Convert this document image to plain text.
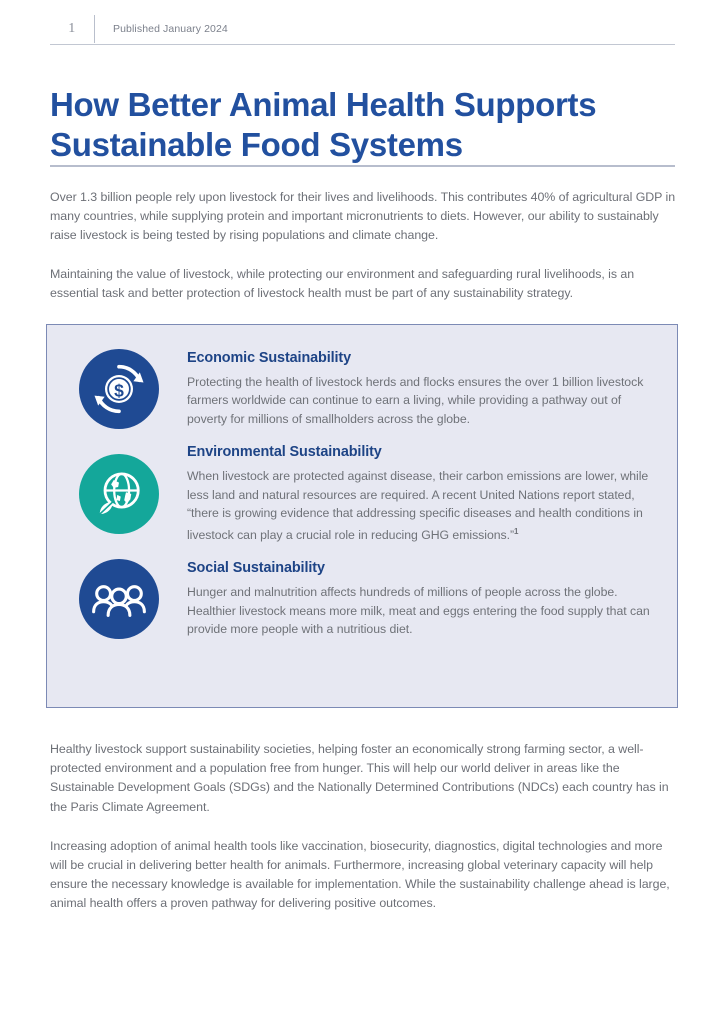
1	Published January 2024
How Better Animal Health Supports Sustainable Food Systems

Over 1.3 billion people rely upon livestock for their lives and livelihoods. This contributes 40% of agricultural GDP in many countries, while supplying protein and important micronutrients to diets. However, our ability to sustainably raise livestock is being tested by rising populations and climate change.

Maintaining the value of livestock, while protecting our environment and safeguarding rural livelihoods, is an essential task and better protection of livestock health must be part of any sustainability strategy.

$
Economic Sustainability

Protecting the health of livestock herds and flocks ensures the over 1 billion livestock farmers worldwide can continue to earn a living, while providing a pathway out of poverty for millions of smallholders across the globe.

Environmental Sustainability

When livestock are protected against disease, their carbon emissions are lower, while less land and natural resources are required. A recent United Nations report stated, “there is growing evidence that addressing specific diseases and health conditions in livestock can play a crucial role in reducing GHG emissions.”$^1$

Social Sustainability

Hunger and malnutrition affects hundreds of millions of people across the globe. Healthier livestock means more milk, meat and eggs entering the food supply that can provide more people with a nutritious diet.

Healthy livestock support sustainability societies, helping foster an economically strong farming sector, a well-protected environment and a population free from hunger. This will help our world deliver in areas like the Sustainable Development Goals (SDGs) and the Nationally Determined Contributions (NDCs) each country has in the Paris Climate Agreement.

Increasing adoption of animal health tools like vaccination, biosecurity, diagnostics, digital technologies and more will be crucial in delivering better health for animals. Furthermore, increasing global veterinary capacity will help ensure the necessary knowledge is available for implementation. While the sustainability challenge ahead is large, animal health offers a proven pathway for delivering positive outcomes.
